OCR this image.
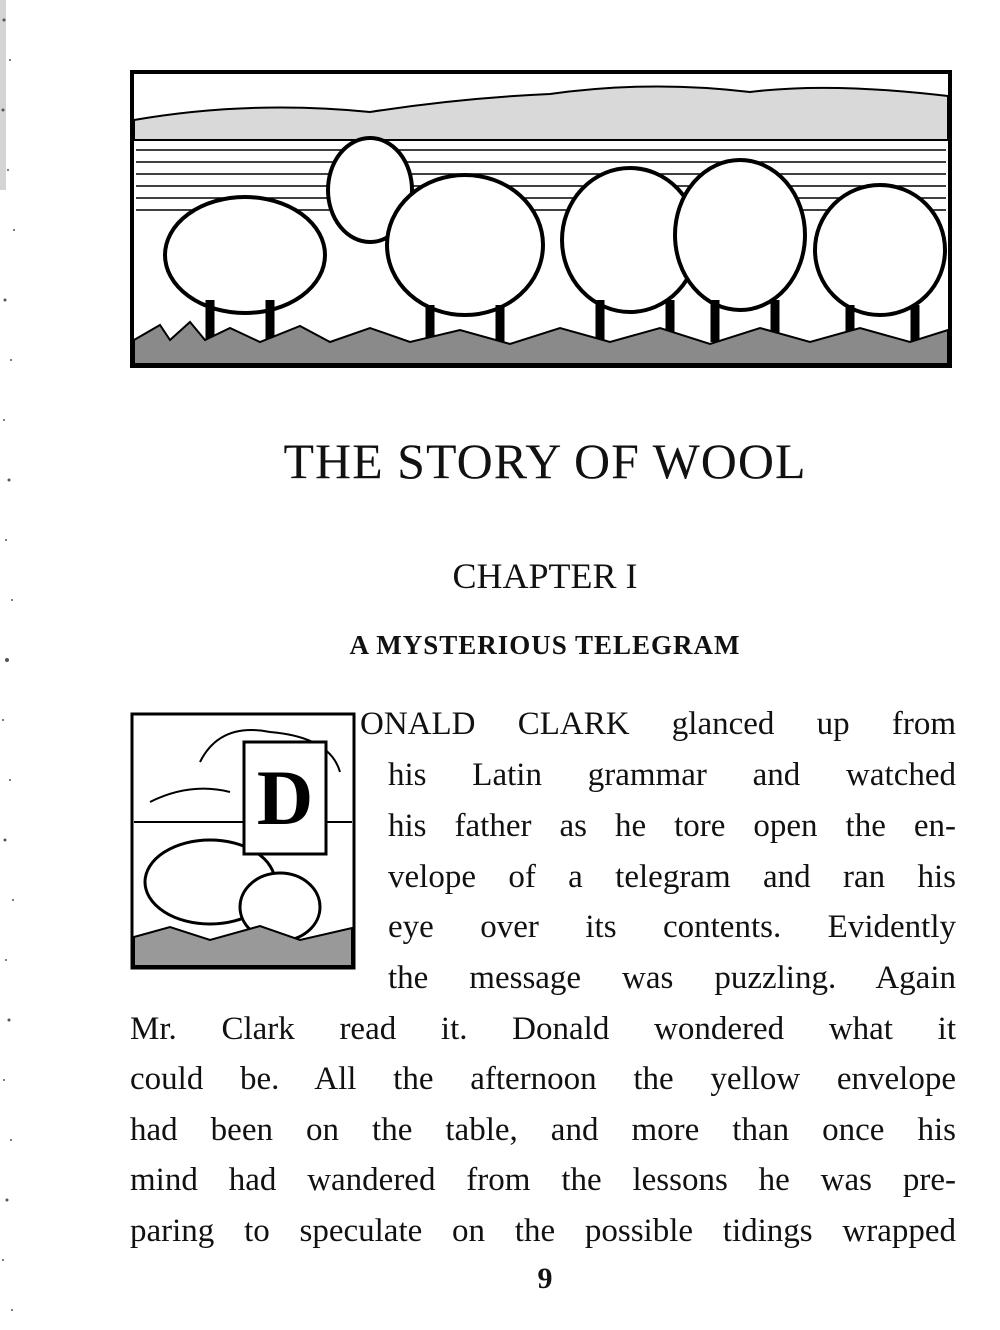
THE STORY OF WOOL
CHAPTER I
A MYSTERIOUS TELEGRAM
D
ONALD CLARK glanced up from
his Latin grammar and watched
his father as he tore open the en-
velope of a telegram and ran his
eye over its contents. Evidently
the message was puzzling. Again
Mr. Clark read it. Donald wondered what it
could be. All the afternoon the yellow envelope
had been on the table, and more than once his
mind had wandered from the lessons he was pre-
paring to speculate on the possible tidings wrapped
9
